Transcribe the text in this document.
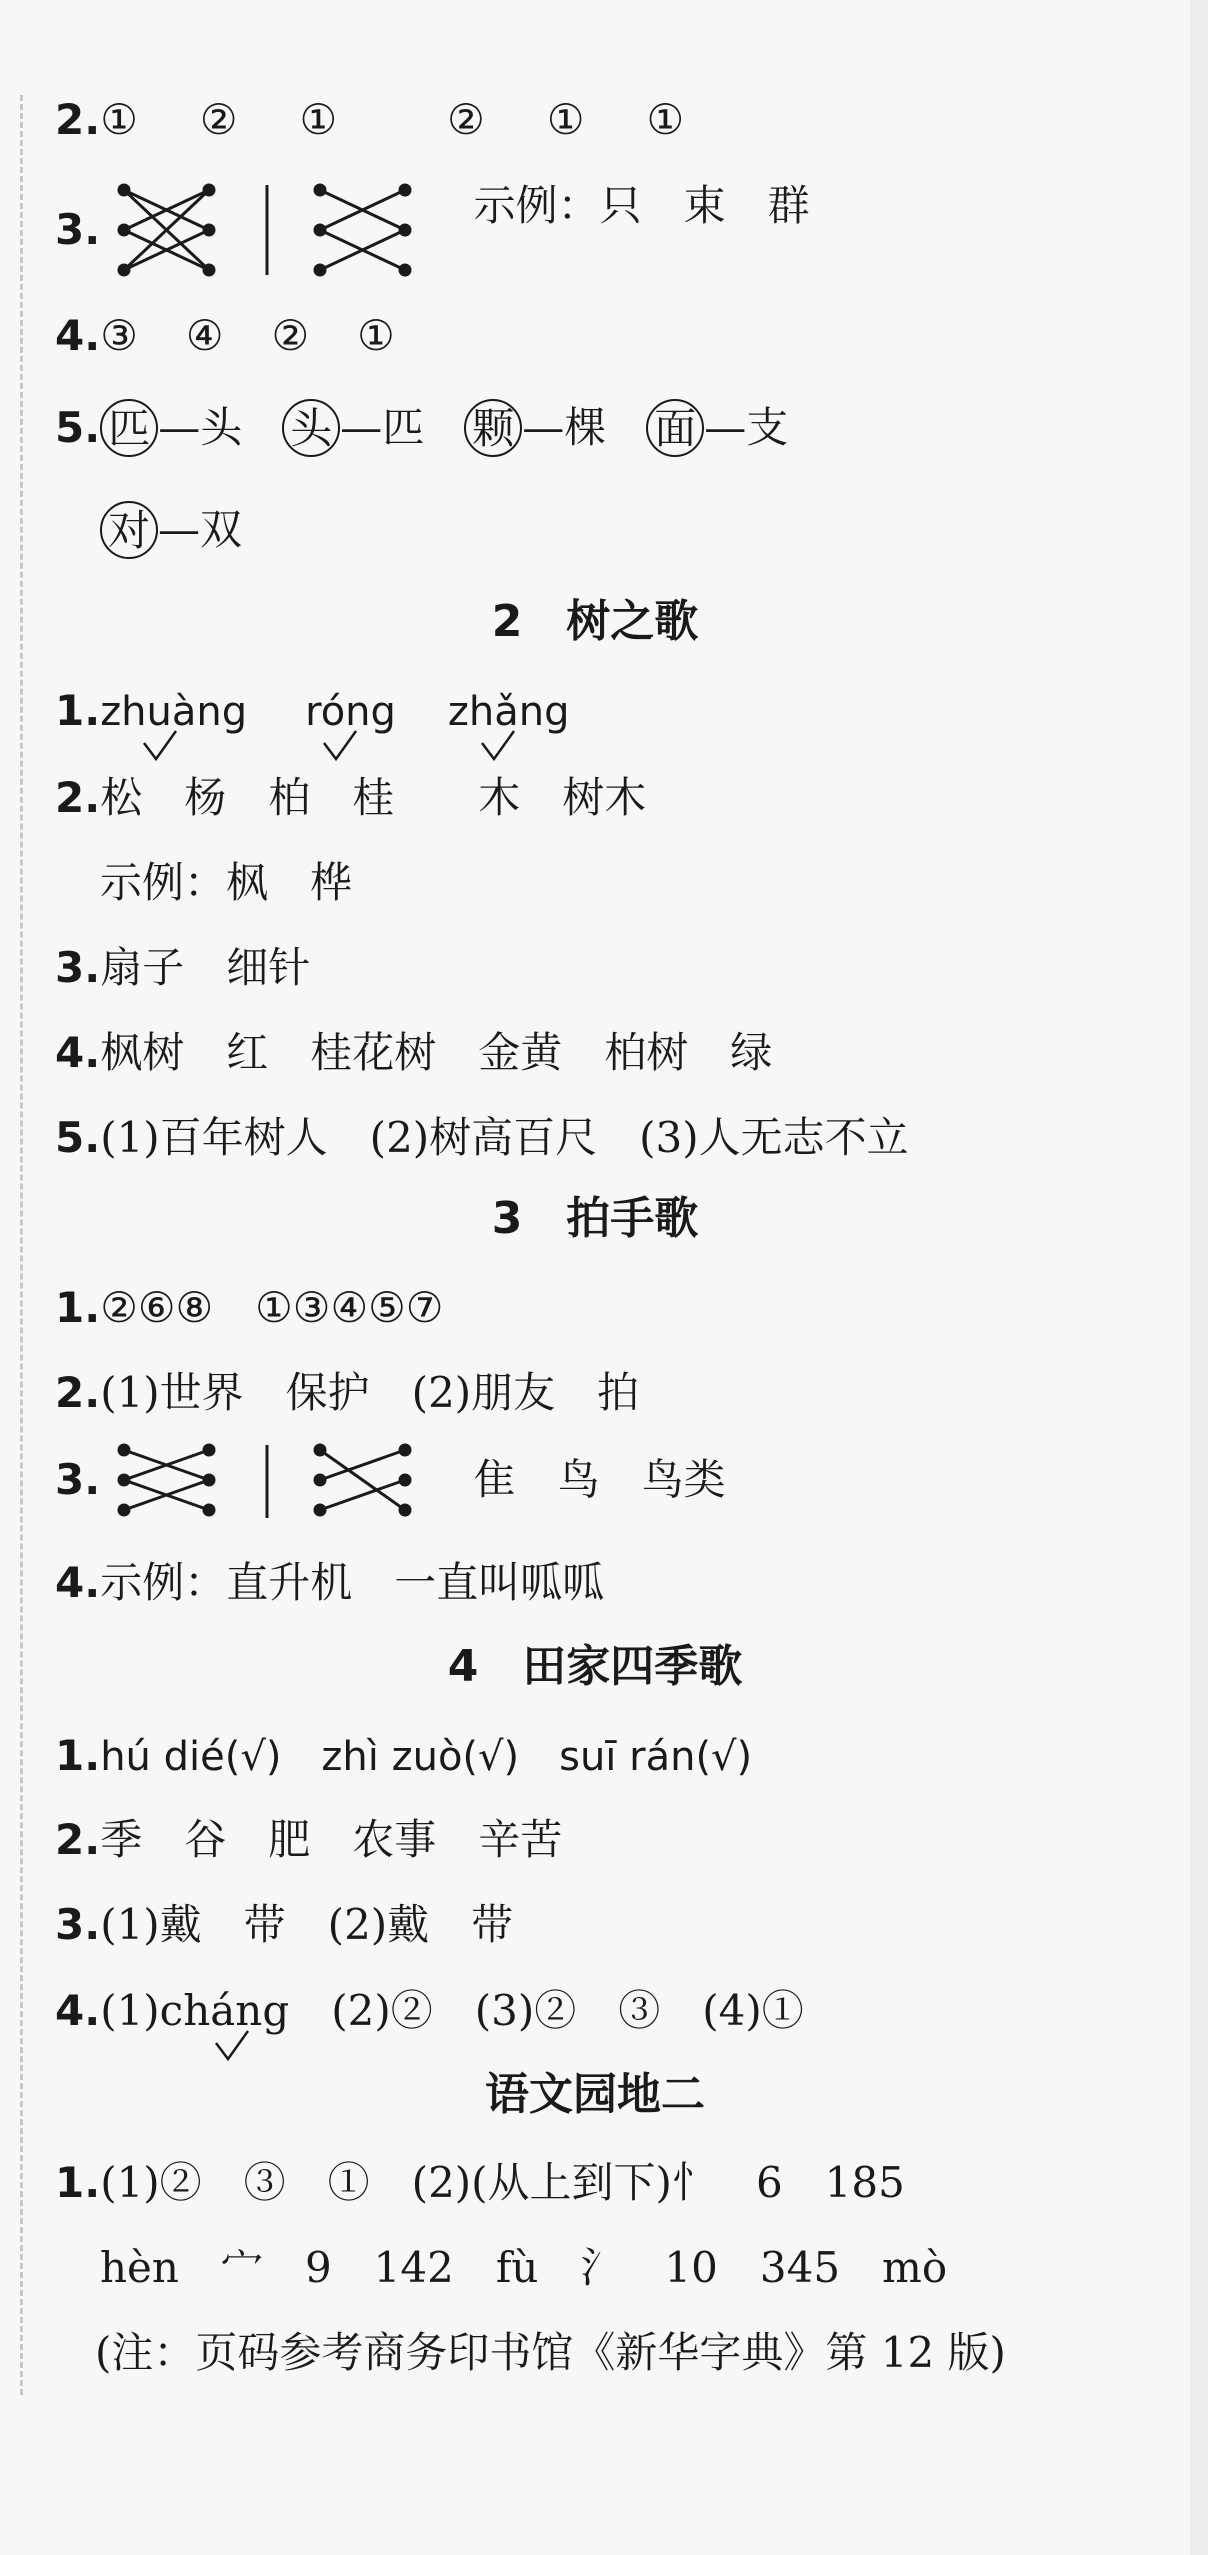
2.① ② ①	② ① ①
3.	示例：只　束　群
4.③ ④ ② ①
5. 匹 —头 头 —匹 颗 —棵 面 —支
对 —双
2　树之歌
1.zhuàng róng zhǎng
2.松　杨　柏　桂　　木　树木
示例：枫　桦
3.扇子　细针
4.枫树　红　桂花树　金黄　柏树　绿
5.(1)百年树人　(2)树高百尺　(3)人无志不立
3　拍手歌
1.②⑥⑧　①③④⑤⑦
2.(1)世界　保护　(2)朋友　拍
3.	隹　鸟　鸟类
4.示例：直升机　一直叫呱呱
4　田家四季歌
1.hú dié(√)　zhì zuò(√)　suī rán(√)
2.季　谷　肥　农事　辛苦
3.(1)戴　带　(2)戴　带
4.(1)cháng　(2)②　(3)②　③　(4)①
语文园地二
1.(1)②　③　①　(2)(从上到下)忄　6　185
hèn　宀　9　142　fù　氵　10　345　mò
(注：页码参考商务印书馆《新华字典》第 12 版)
